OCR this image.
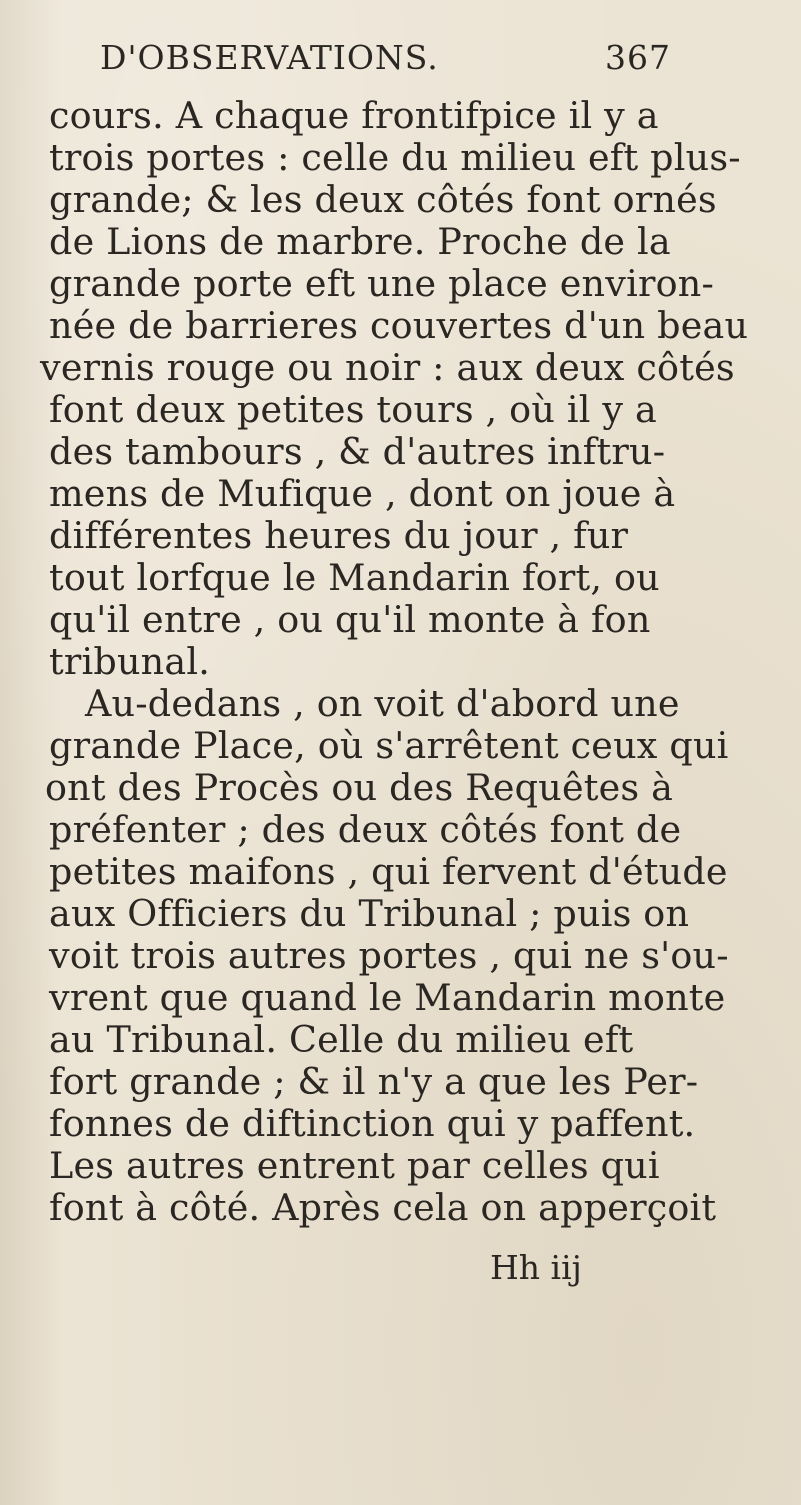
D'OBSERVATIONS.	367
cours. A chaque frontifpice il y a
trois portes : celle du milieu eft plus-
grande; & les deux côtés font ornés
de Lions de marbre. Proche de la
grande porte eft une place environ-
née de barrieres couvertes d'un beau
vernis rouge ou noir : aux deux côtés
font deux petites tours , où il y a
des tambours , & d'autres inftru-
mens de Mufique , dont on joue à
différentes heures du jour , fur
tout lorfque le Mandarin fort, ou
qu'il entre , ou qu'il monte à fon
tribunal.
Au-dedans , on voit d'abord une
grande Place, où s'arrêtent ceux qui
ont des Procès ou des Requêtes à
préfenter ; des deux côtés font de
petites maifons , qui fervent d'étude
aux Officiers du Tribunal ; puis on
voit trois autres portes , qui ne s'ou-
vrent que quand le Mandarin monte
au Tribunal. Celle du milieu eft
fort grande ; & il n'y a que les Per-
fonnes de diftinction qui y paffent.
Les autres entrent par celles qui
font à côté. Après cela on apperçoit
Hh iij
